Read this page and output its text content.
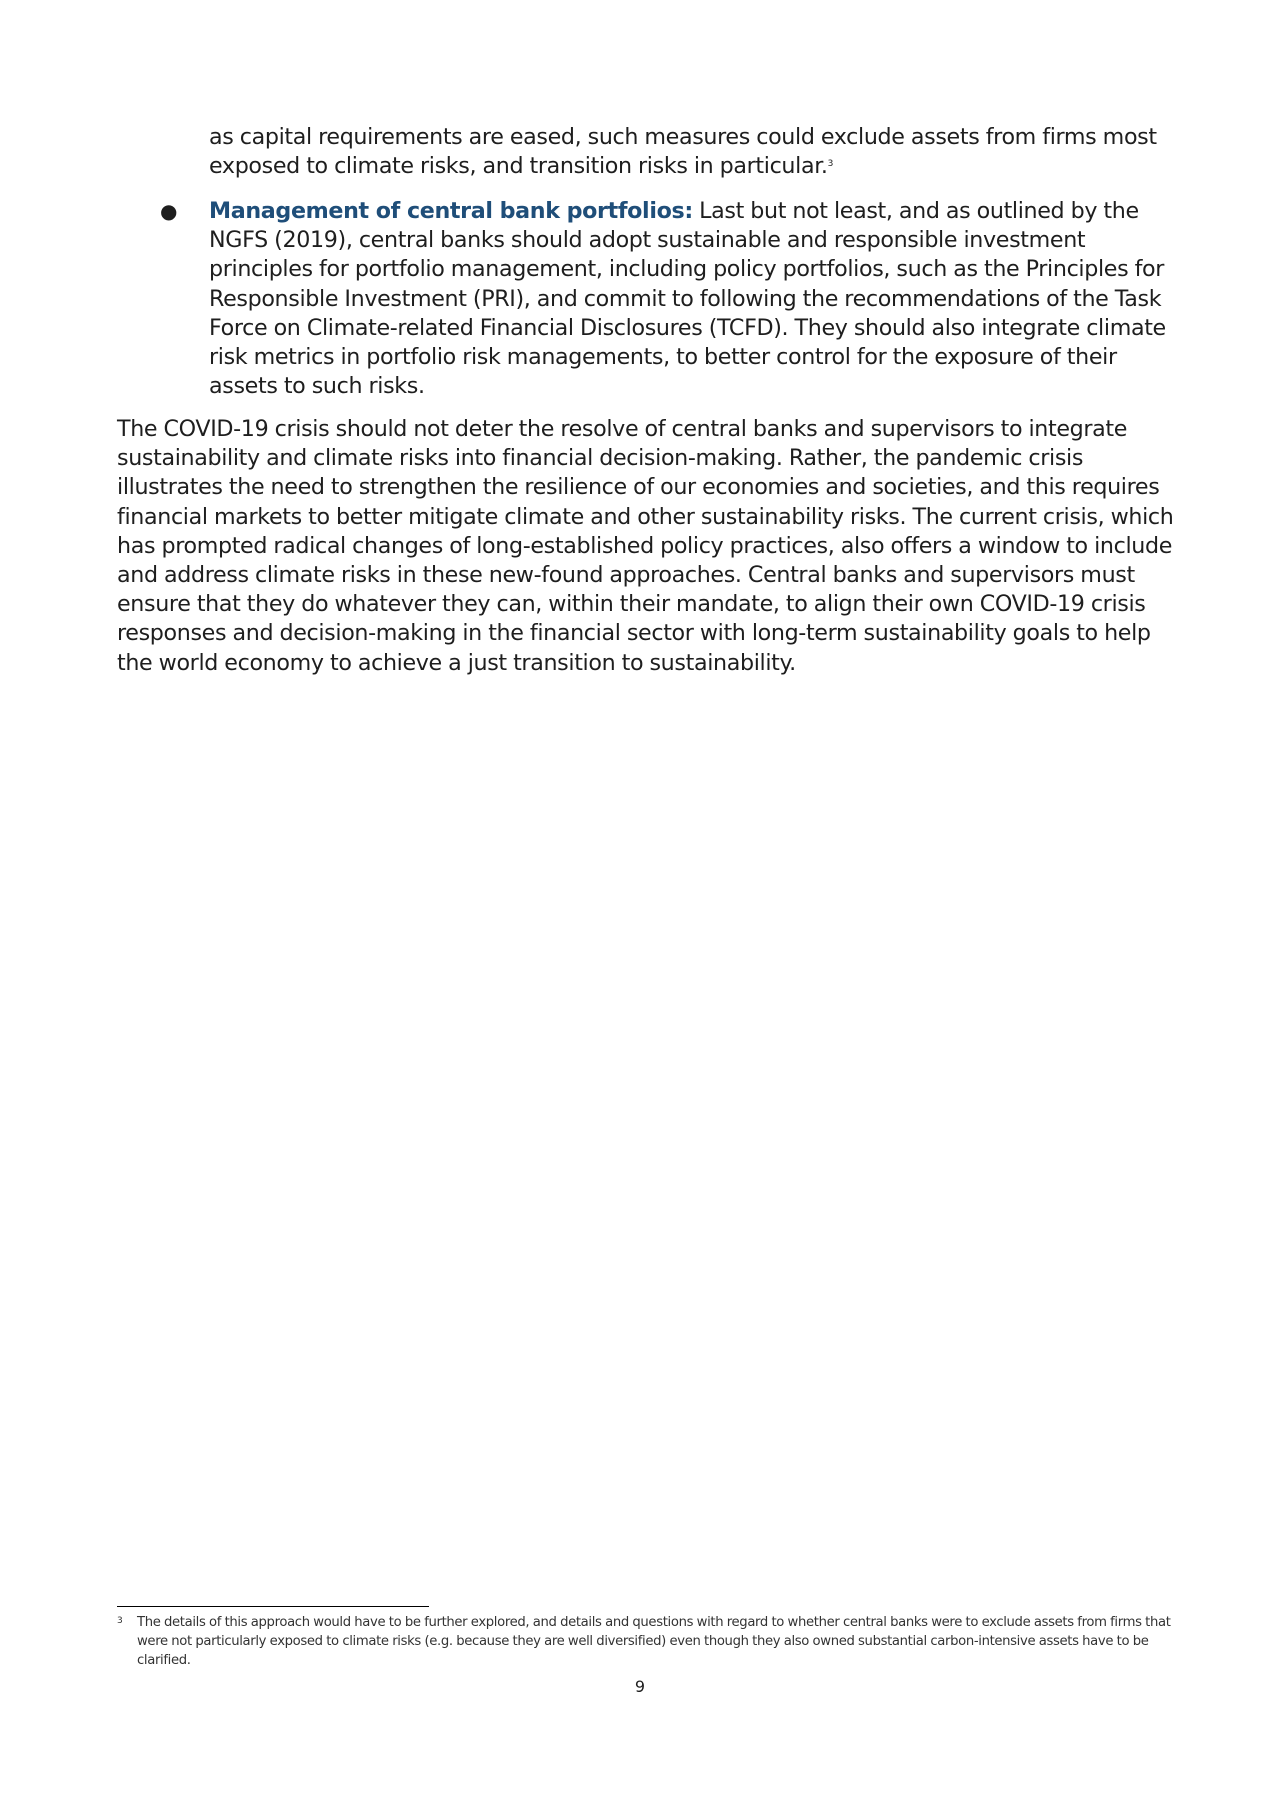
as capital requirements are eased, such measures could exclude assets from firms most exposed to climate risks, and transition risks in particular.$^3$

● Management of central bank portfolios: Last but not least, and as outlined by the NGFS (2019), central banks should adopt sustainable and responsible investment principles for portfolio management, including policy portfolios, such as the Principles for Responsible Investment (PRI), and commit to following the recommendations of the Task Force on Climate-related Financial Disclosures (TCFD). They should also integrate climate risk metrics in portfolio risk managements, to better control for the exposure of their assets to such risks.

The COVID-19 crisis should not deter the resolve of central banks and supervisors to integrate sustainability and climate risks into financial decision-making. Rather, the pandemic crisis illustrates the need to strengthen the resilience of our economies and societies, and this requires financial markets to better mitigate climate and other sustainability risks. The current crisis, which has prompted radical changes of long-established policy practices, also offers a window to include and address climate risks in these new-found approaches. Central banks and supervisors must ensure that they do whatever they can, within their mandate, to align their own COVID-19 crisis responses and decision-making in the financial sector with long-term sustainability goals to help the world economy to achieve a just transition to sustainability.

3 The details of this approach would have to be further explored, and details and questions with regard to whether central banks were to exclude assets from firms that were not particularly exposed to climate risks (e.g. because they are well diversified) even though they also owned substantial carbon-intensive assets have to be clarified.

9
